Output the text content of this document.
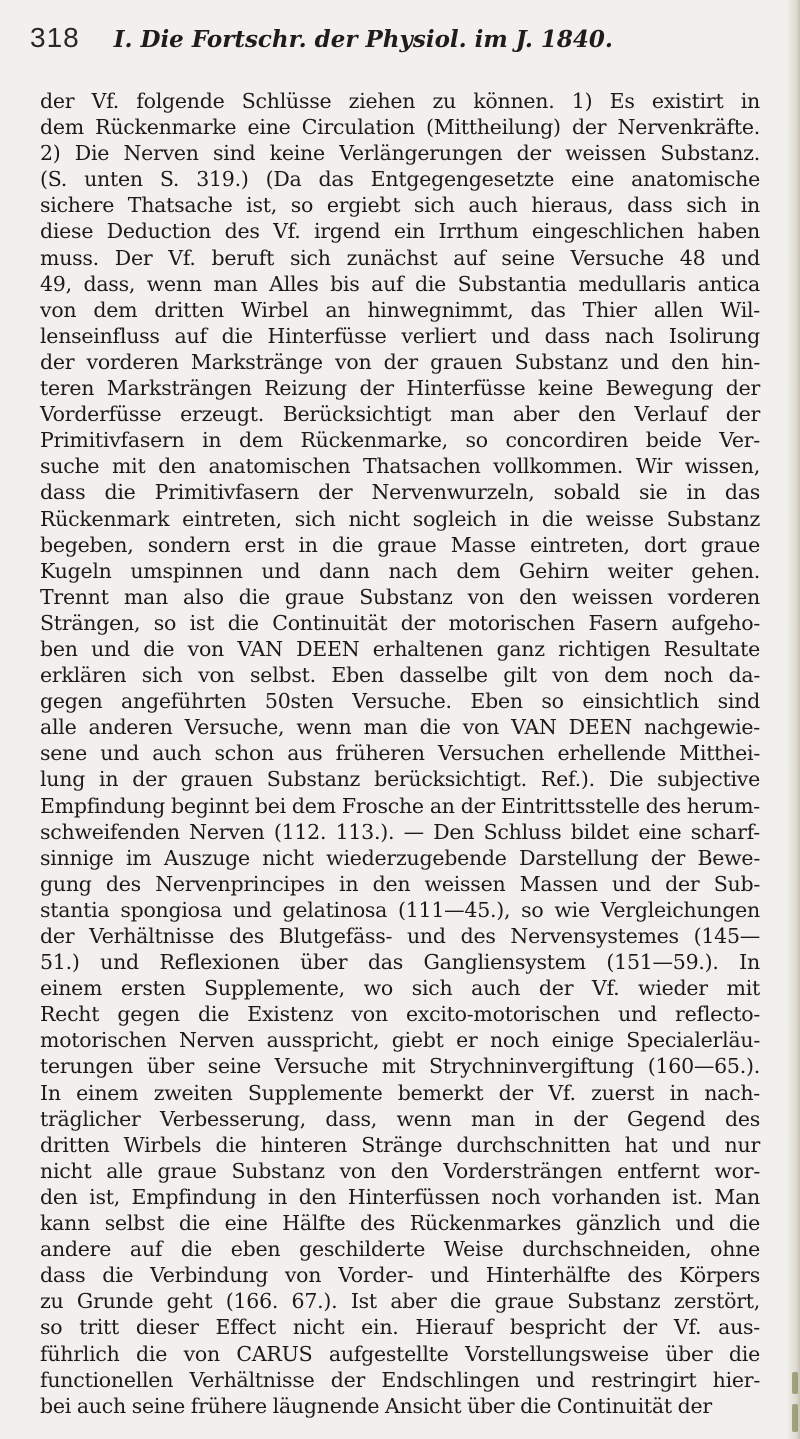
318 I. Die Fortschr. der Physiol. im J. 1840.
der Vf. folgende Schlüsse ziehen zu können. 1) Es existirt in
dem Rückenmarke eine Circulation (Mittheilung) der Nervenkräfte.
2) Die Nerven sind keine Verlängerungen der weissen Substanz.
(S. unten S. 319.) (Da das Entgegengesetzte eine anatomische
sichere Thatsache ist, so ergiebt sich auch hieraus, dass sich in
diese Deduction des Vf. irgend ein Irrthum eingeschlichen haben
muss. Der Vf. beruft sich zunächst auf seine Versuche 48 und
49, dass, wenn man Alles bis auf die Substantia medullaris antica
von dem dritten Wirbel an hinwegnimmt, das Thier allen Wil-
lenseinfluss auf die Hinterfüsse verliert und dass nach Isolirung
der vorderen Markstränge von der grauen Substanz und den hin-
teren Marksträngen Reizung der Hinterfüsse keine Bewegung der
Vorderfüsse erzeugt. Berücksichtigt man aber den Verlauf der
Primitivfasern in dem Rückenmarke, so concordiren beide Ver-
suche mit den anatomischen Thatsachen vollkommen. Wir wissen,
dass die Primitivfasern der Nervenwurzeln, sobald sie in das
Rückenmark eintreten, sich nicht sogleich in die weisse Substanz
begeben, sondern erst in die graue Masse eintreten, dort graue
Kugeln umspinnen und dann nach dem Gehirn weiter gehen.
Trennt man also die graue Substanz von den weissen vorderen
Strängen, so ist die Continuität der motorischen Fasern aufgeho-
ben und die von VAN DEEN erhaltenen ganz richtigen Resultate
erklären sich von selbst. Eben dasselbe gilt von dem noch da-
gegen angeführten 50sten Versuche. Eben so einsichtlich sind
alle anderen Versuche, wenn man die von VAN DEEN nachgewie-
sene und auch schon aus früheren Versuchen erhellende Mitthei-
lung in der grauen Substanz berücksichtigt. Ref.). Die subjective
Empfindung beginnt bei dem Frosche an der Eintrittsstelle des herum-
schweifenden Nerven (112. 113.). — Den Schluss bildet eine scharf-
sinnige im Auszuge nicht wiederzugebende Darstellung der Bewe-
gung des Nervenprincipes in den weissen Massen und der Sub-
stantia spongiosa und gelatinosa (111—45.), so wie Vergleichungen
der Verhältnisse des Blutgefäss- und des Nervensystemes (145—
51.) und Reflexionen über das Gangliensystem (151—59.). In
einem ersten Supplemente, wo sich auch der Vf. wieder mit
Recht gegen die Existenz von excito-motorischen und reflecto-
motorischen Nerven ausspricht, giebt er noch einige Specialerläu-
terungen über seine Versuche mit Strychninvergiftung (160—65.).
In einem zweiten Supplemente bemerkt der Vf. zuerst in nach-
träglicher Verbesserung, dass, wenn man in der Gegend des
dritten Wirbels die hinteren Stränge durchschnitten hat und nur
nicht alle graue Substanz von den Vordersträngen entfernt wor-
den ist, Empfindung in den Hinterfüssen noch vorhanden ist. Man
kann selbst die eine Hälfte des Rückenmarkes gänzlich und die
andere auf die eben geschilderte Weise durchschneiden, ohne
dass die Verbindung von Vorder- und Hinterhälfte des Körpers
zu Grunde geht (166. 67.). Ist aber die graue Substanz zerstört,
so tritt dieser Effect nicht ein. Hierauf bespricht der Vf. aus-
führlich die von CARUS aufgestellte Vorstellungsweise über die
functionellen Verhältnisse der Endschlingen und restringirt hier-
bei auch seine frühere läugnende Ansicht über die Continuität der
